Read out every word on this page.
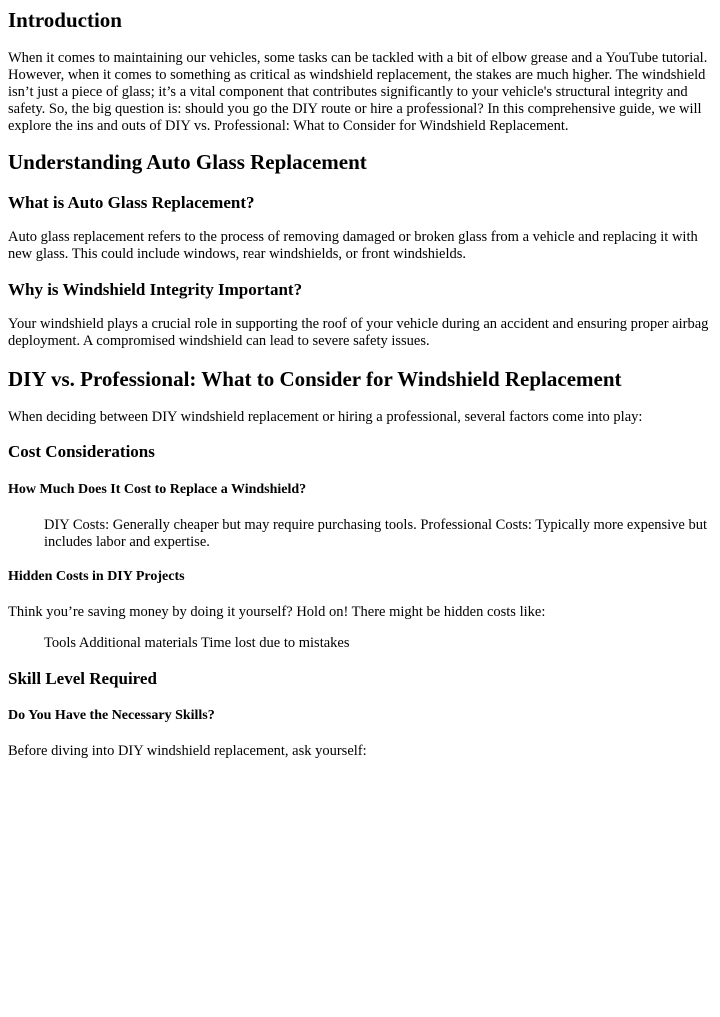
Introduction

When it comes to maintaining our vehicles, some tasks can be tackled with a bit of elbow grease and a YouTube tutorial. However, when it comes to something as critical as windshield replacement, the stakes are much higher. The windshield isn’t just a piece of glass; it’s a vital component that contributes significantly to your vehicle's structural integrity and safety. So, the big question is: should you go the DIY route or hire a professional? In this comprehensive guide, we will explore the ins and outs of DIY vs. Professional: What to Consider for Windshield Replacement.

Understanding Auto Glass Replacement
What is Auto Glass Replacement?

Auto glass replacement refers to the process of removing damaged or broken glass from a vehicle and replacing it with new glass. This could include windows, rear windshields, or front windshields.

Why is Windshield Integrity Important?

Your windshield plays a crucial role in supporting the roof of your vehicle during an accident and ensuring proper airbag deployment. A compromised windshield can lead to severe safety issues.

DIY vs. Professional: What to Consider for Windshield Replacement

When deciding between DIY windshield replacement or hiring a professional, several factors come into play:

Cost Considerations
How Much Does It Cost to Replace a Windshield?

DIY Costs: Generally cheaper but may require purchasing tools. Professional Costs: Typically more expensive but includes labor and expertise.

Hidden Costs in DIY Projects

Think you’re saving money by doing it yourself? Hold on! There might be hidden costs like:

Tools Additional materials Time lost due to mistakes

Skill Level Required
Do You Have the Necessary Skills?

Before diving into DIY windshield replacement, ask yourself:
